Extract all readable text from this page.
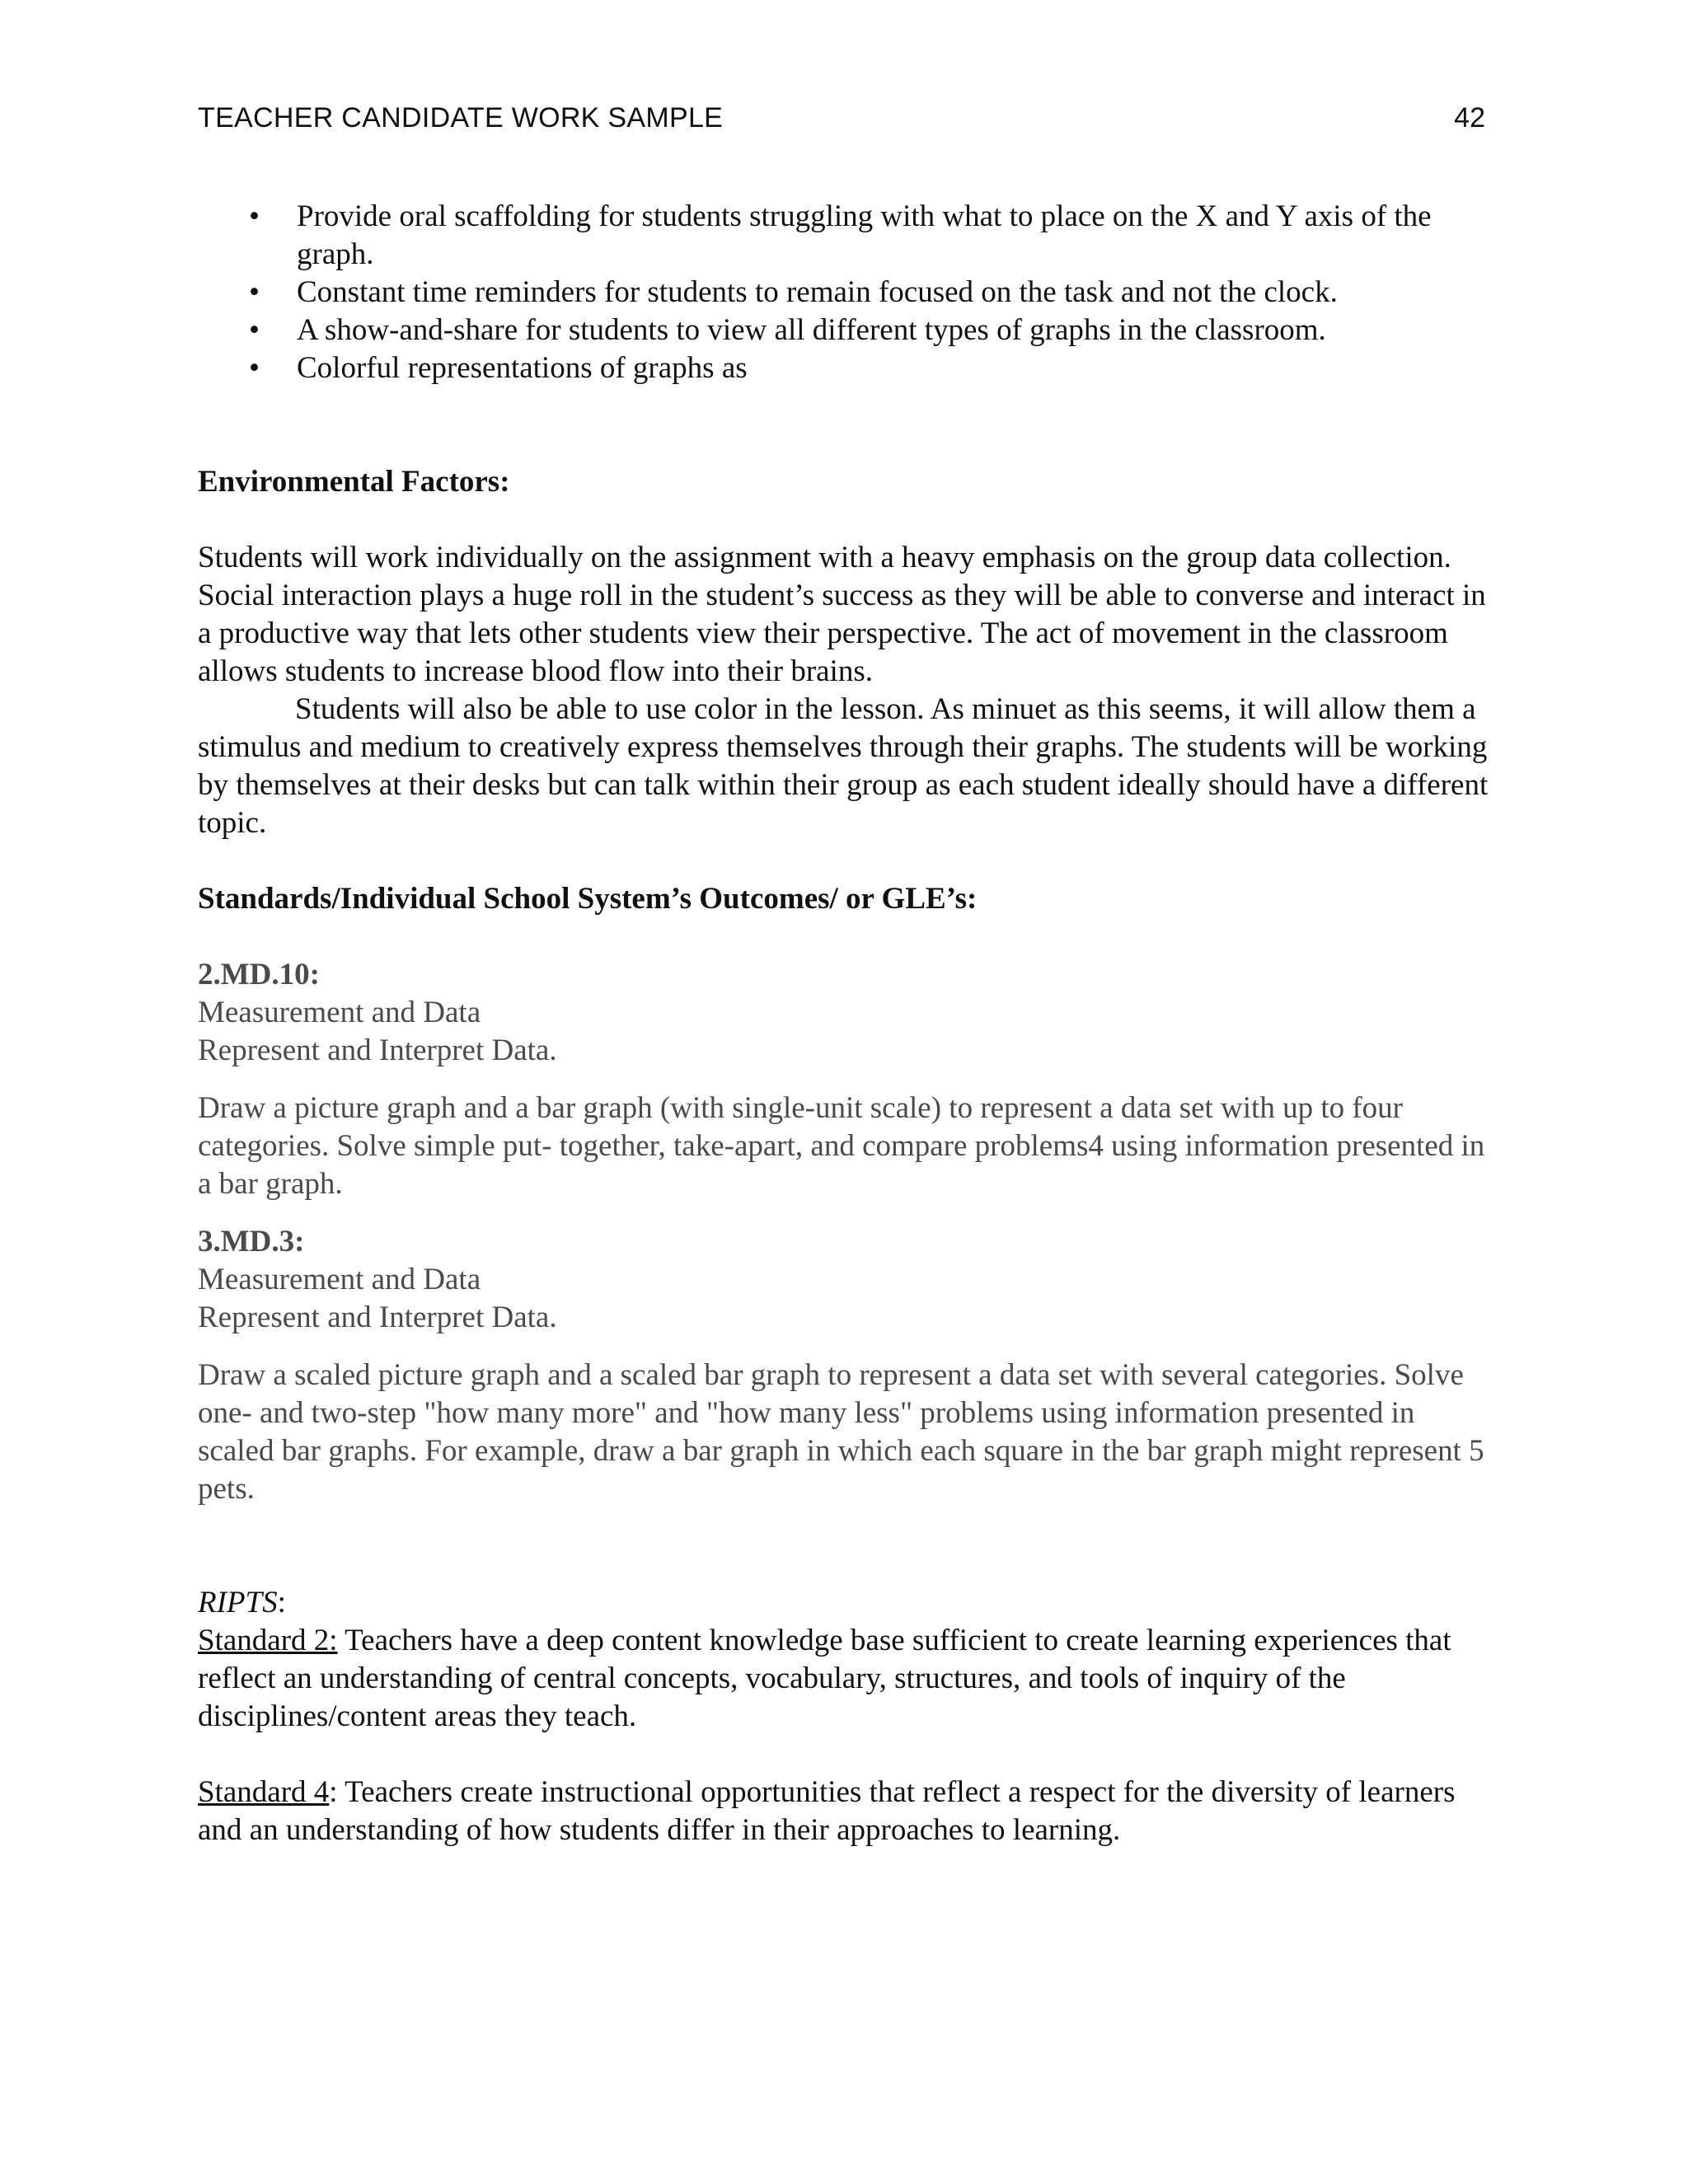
TEACHER CANDIDATE WORK SAMPLE	42
• Provide oral scaffolding for students struggling with what to place on the X and Y axis of the graph.
• Constant time reminders for students to remain focused on the task and not the clock.
• A show-and-share for students to view all different types of graphs in the classroom.
• Colorful representations of graphs as

Environmental Factors:

Students will work individually on the assignment with a heavy emphasis on the group data collection. Social interaction plays a huge roll in the student’s success as they will be able to converse and interact in a productive way that lets other students view their perspective. The act of movement in the classroom allows students to increase blood flow into their brains.

Students will also be able to use color in the lesson. As minuet as this seems, it will allow them a stimulus and medium to creatively express themselves through their graphs. The students will be working by themselves at their desks but can talk within their group as each student ideally should have a different topic.

Standards/Individual School System’s Outcomes/ or GLE’s:

2.MD.10:

Measurement and Data

Represent and Interpret Data.

Draw a picture graph and a bar graph (with single-unit scale) to represent a data set with up to four categories. Solve simple put- together, take-apart, and compare problems4 using information presented in a bar graph.

3.MD.3:

Measurement and Data

Represent and Interpret Data.

Draw a scaled picture graph and a scaled bar graph to represent a data set with several categories. Solve one- and two-step "how many more" and "how many less" problems using information presented in scaled bar graphs. For example, draw a bar graph in which each square in the bar graph might represent 5 pets.

RIPTS:

Standard 2: Teachers have a deep content knowledge base sufficient to create learning experiences that reflect an understanding of central concepts, vocabulary, structures, and tools of inquiry of the disciplines/content areas they teach.

Standard 4: Teachers create instructional opportunities that reflect a respect for the diversity of learners and an understanding of how students differ in their approaches to learning.
